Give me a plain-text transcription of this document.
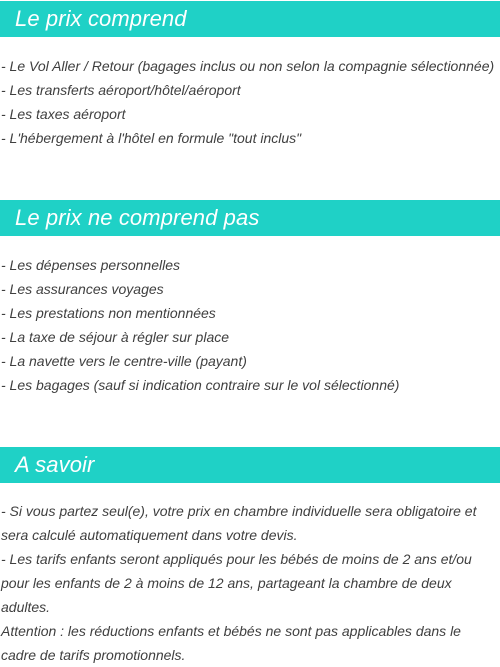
Le prix comprend
- Le Vol Aller / Retour (bagages inclus ou non selon la compagnie sélectionnée)
- Les transferts aéroport/hôtel/aéroport
- Les taxes aéroport
- L'hébergement à l'hôtel en formule "tout inclus"
Le prix ne comprend pas
- Les dépenses personnelles
- Les assurances voyages
- Les prestations non mentionnées
- La taxe de séjour à régler sur place
- La navette vers le centre-ville (payant)
- Les bagages (sauf si indication contraire sur le vol sélectionné)
A savoir

- Si vous partez seul(e), votre prix en chambre individuelle sera obligatoire et sera calculé automatiquement dans votre devis.
- Les tarifs enfants seront appliqués pour les bébés de moins de 2 ans et/ou pour les enfants de 2 à moins de 12 ans, partageant la chambre de deux adultes.
Attention : les réductions enfants et bébés ne sont pas applicables dans le cadre de tarifs promotionnels.
